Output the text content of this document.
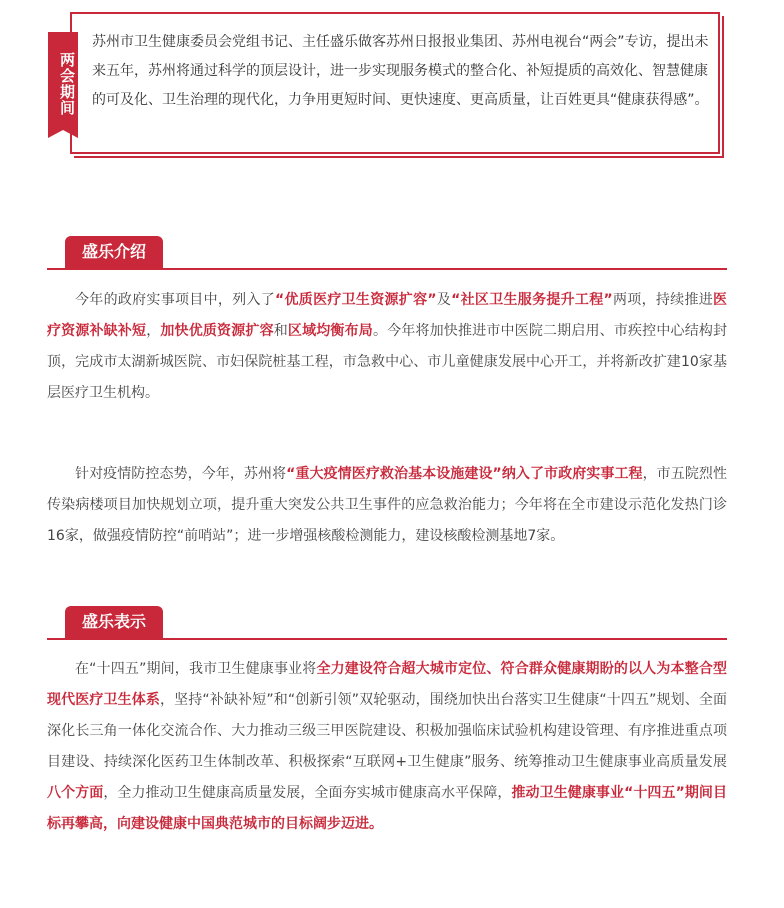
两会期间
苏州市卫生健康委员会党组书记、主任盛乐做客苏州日报报业集团、苏州电视台“两会”专访，提出未来五年，苏州将通过科学的顶层设计，进一步实现服务模式的整合化、补短提质的高效化、智慧健康的可及化、卫生治理的现代化，力争用更短时间、更快速度、更高质量，让百姓更具“健康获得感”。
盛乐介绍
今年的政府实事项目中，列入了“优质医疗卫生资源扩容”及“社区卫生服务提升工程”两项，持续推进医疗资源补缺补短，加快优质资源扩容和区域均衡布局。今年将加快推进市中医院二期启用、市疾控中心结构封顶，完成市太湖新城医院、市妇保院桩基工程，市急救中心、市儿童健康发展中心开工，并将新改扩建10家基层医疗卫生机构。
针对疫情防控态势，今年，苏州将“重大疫情医疗救治基本设施建设”纳入了市政府实事工程，市五院烈性传染病楼项目加快规划立项，提升重大突发公共卫生事件的应急救治能力；今年将在全市建设示范化发热门诊16家，做强疫情防控“前哨站”；进一步增强核酸检测能力，建设核酸检测基地7家。
盛乐表示
在“十四五”期间，我市卫生健康事业将全力建设符合超大城市定位、符合群众健康期盼的以人为本整合型现代医疗卫生体系，坚持“补缺补短”和“创新引领”双轮驱动，围绕加快出台落实卫生健康“十四五”规划、全面深化长三角一体化交流合作、大力推动三级三甲医院建设、积极加强临床试验机构建设管理、有序推进重点项目建设、持续深化医药卫生体制改革、积极探索“互联网+卫生健康”服务、统筹推动卫生健康事业高质量发展八个方面，全力推动卫生健康高质量发展，全面夯实城市健康高水平保障，推动卫生健康事业“十四五”期间目标再攀高，向建设健康中国典范城市的目标阔步迈进。
